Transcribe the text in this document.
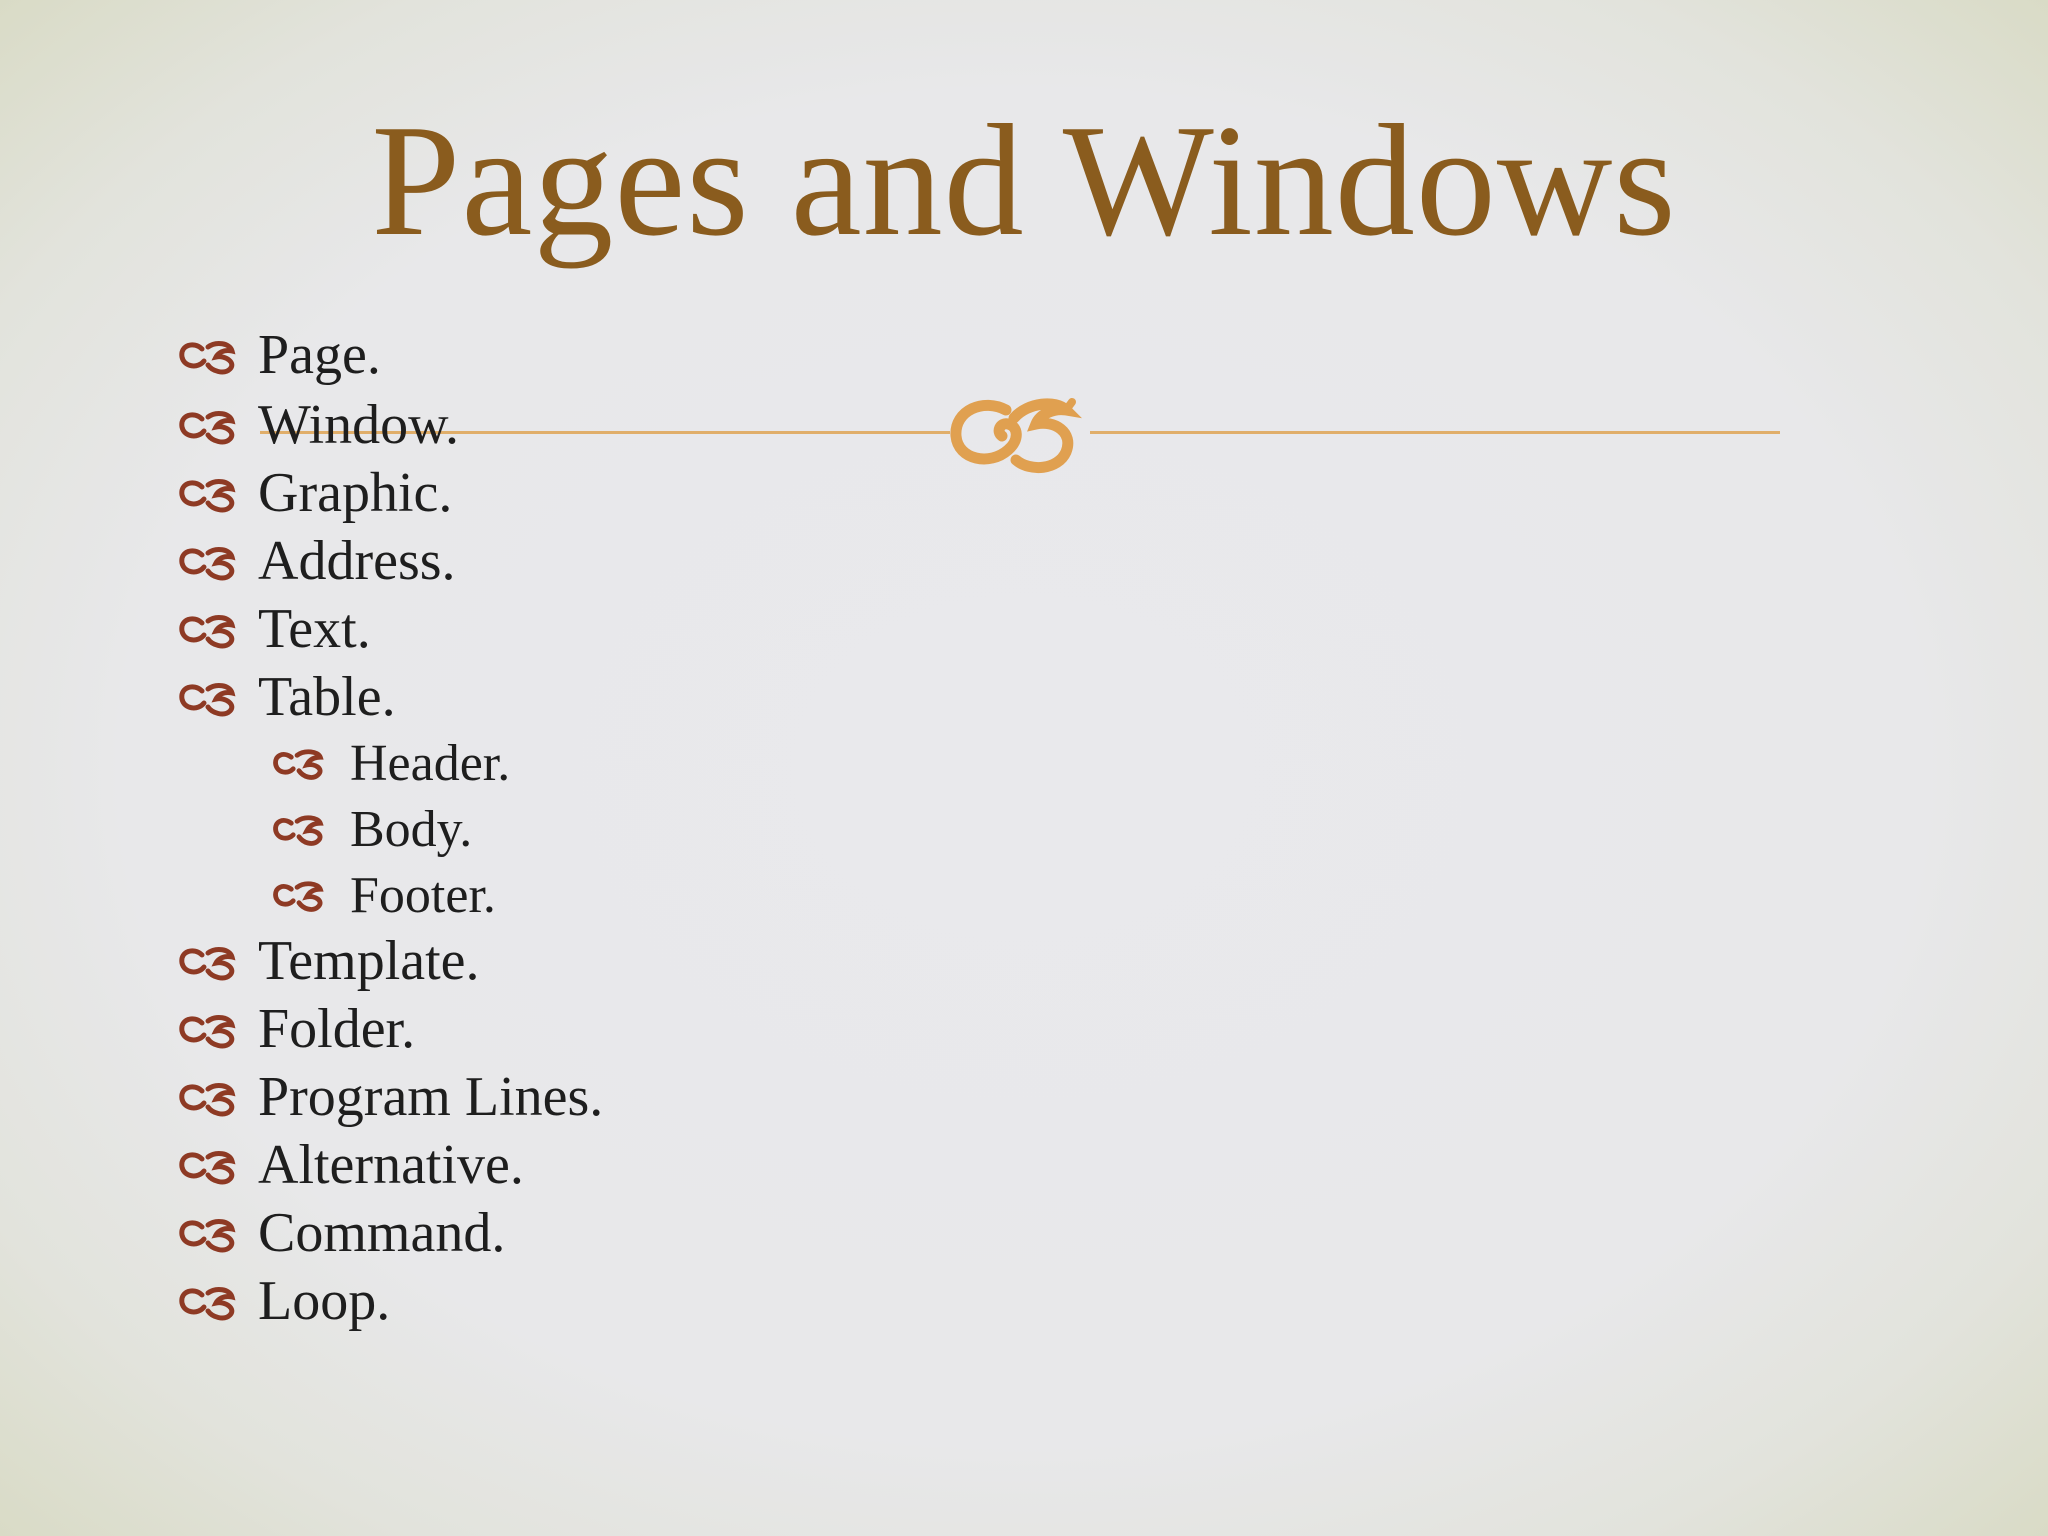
Pages and Windows
Page.
Window.
Graphic.
Address.
Text.
Table.
Header.
Body.
Footer.
Template.
Folder.
Program Lines.
Alternative.
Command.
Loop.
